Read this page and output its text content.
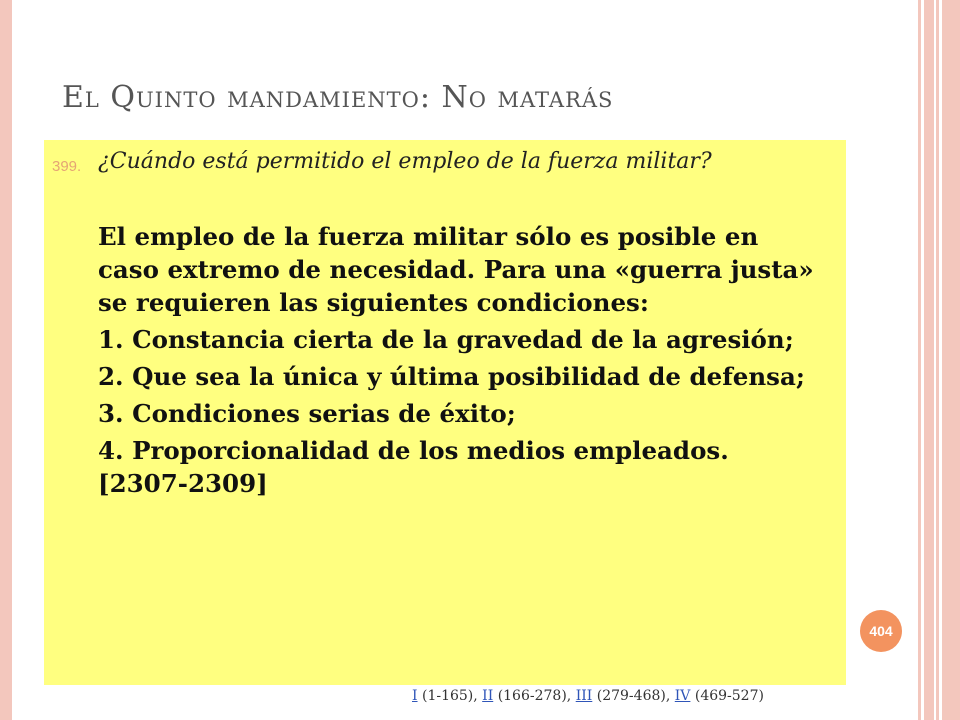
El Quinto mandamiento: No matarás
399. ¿Cuándo está permitido el empleo de la fuerza militar?

El empleo de la fuerza militar sólo es posible en caso extremo de necesidad. Para una «guerra justa» se requieren las siguientes condiciones:

1. Constancia cierta de la gravedad de la agresión;

2. Que sea la única y última posibilidad de defensa;

3. Condiciones serias de éxito;

4. Proporcionalidad de los medios empleados. [2307-2309]

404
I (1-165), II (166-278), III (279-468), IV (469-527)
